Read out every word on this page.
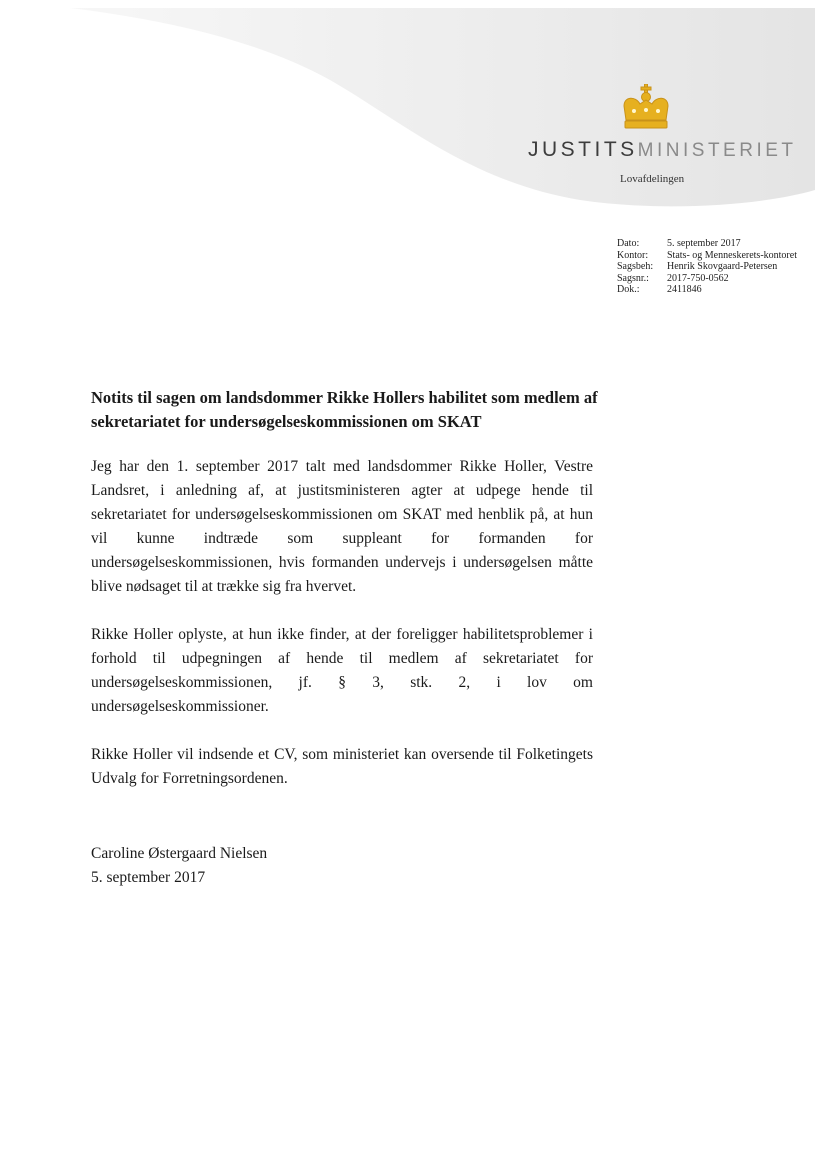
JUSTITSMINISTERIET
Lovafdelingen
Dato:	5. september 2017
Kontor:	Stats- og Menneskerets-kontoret
Sagsbeh:	Henrik Skovgaard-Petersen
Sagsnr.:	2017-750-0562
Dok.:	2411846
Notits til sagen om landsdommer Rikke Hollers habilitet som medlem af sekretariatet for undersøgelseskommissionen om SKAT

Jeg har den 1. september 2017 talt med landsdommer Rikke Holler, Vestre Landsret, i anledning af, at justitsministeren agter at udpege hende til sekretariatet for undersøgelseskommissionen om SKAT med henblik på, at hun vil kunne indtræde som suppleant for formanden for undersøgelseskommissionen, hvis formanden undervejs i undersøgelsen måtte blive nødsaget til at trække sig fra hvervet.

Rikke Holler oplyste, at hun ikke finder, at der foreligger habilitetsproblemer i forhold til udpegningen af hende til medlem af sekretariatet for undersøgelseskommissionen, jf. § 3, stk. 2, i lov om undersøgelseskommissioner.

Rikke Holler vil indsende et CV, som ministeriet kan oversende til Folketingets Udvalg for Forretningsordenen.

Caroline Østergaard Nielsen
5. september 2017
